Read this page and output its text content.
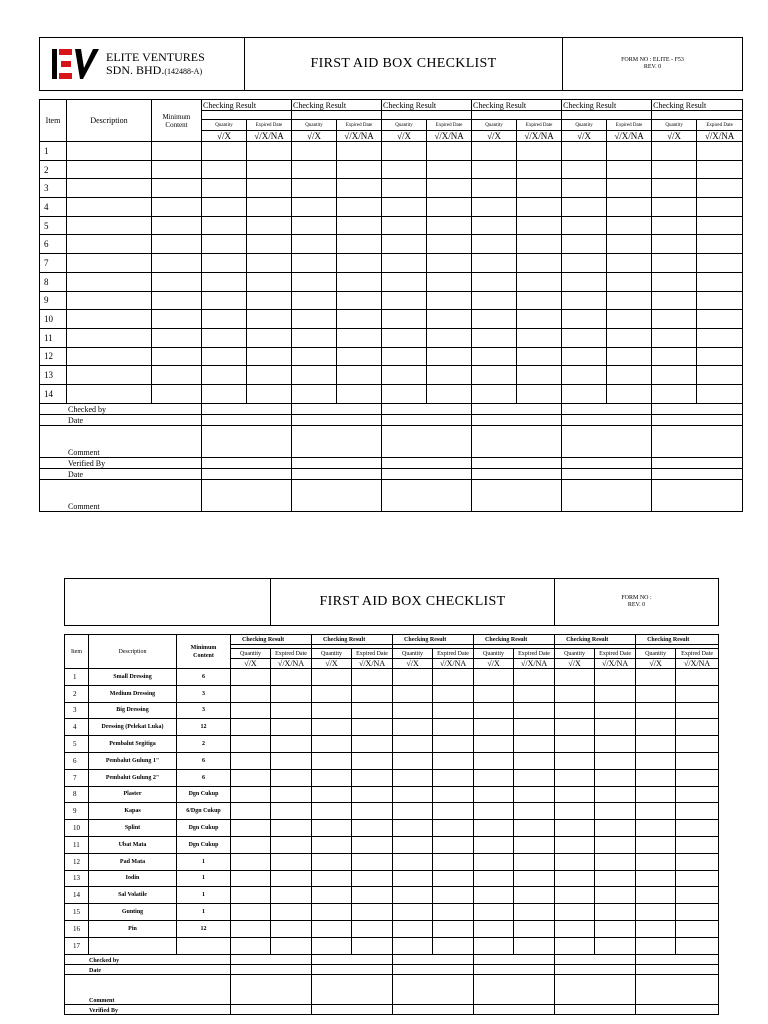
ELITE VENTURES
SDN. BHD.(142488-A)	FIRST AID BOX CHECKLIST	FORM NO : ELITE - F53
REV. 0
Item	Description	Minimum
Content	Checking Result		Checking Result		Checking Result		Checking Result		Checking Result		Checking Result	

			Quantity	Expired Date	Quantity	Expired Date	Quantity	Expired Date	Quantity	Expired Date	Quantity	Expired Date	Quantity	Expired Date
			√/X	√/X/NA	√/X	√/X/NA	√/X	√/X/NA	√/X	√/X/NA	√/X	√/X/NA	√/X	√/X/NA
1														
2														
3														
4														
5														
6														
7														
8														
9														
10														
11														
12														
13														
14														
Checked by														
Date														
Comment														
Verified By														
Date														
Comment														
	FIRST AID BOX CHECKLIST	FORM NO :
REV. 0
Item	Description	Minimum
Content	Checking Result		Checking Result		Checking Result		Checking Result		Checking Result		Checking Result	

			Quantity	Expired Date	Quantity	Expired Date	Quantity	Expired Date	Quantity	Expired Date	Quantity	Expired Date	Quantity	Expired Date
			√/X	√/X/NA	√/X	√/X/NA	√/X	√/X/NA	√/X	√/X/NA	√/X	√/X/NA	√/X	√/X/NA
1	Small Dressing	6												
2	Medium Dressing	3												
3	Big Dressing	3												
4	Dressing (Pelekat Luka)	12												
5	Pembalut Segitiga	2												
6	Pembalut Gulung 1"	6												
7	Pembalut Gulung 2"	6												
8	Plaster	Dgn Cukup												
9	Kapas	6/Dgn Cukup												
10	Splint	Dgn Cukup												
11	Ubat Mata	Dgn Cukup												
12	Pad Mata	1												
13	Iodin	1												
14	Sal Volatile	1												
15	Gunting	1												
16	Pin	12												
17														
Checked by														
Date														
Comment														
Verified By														
